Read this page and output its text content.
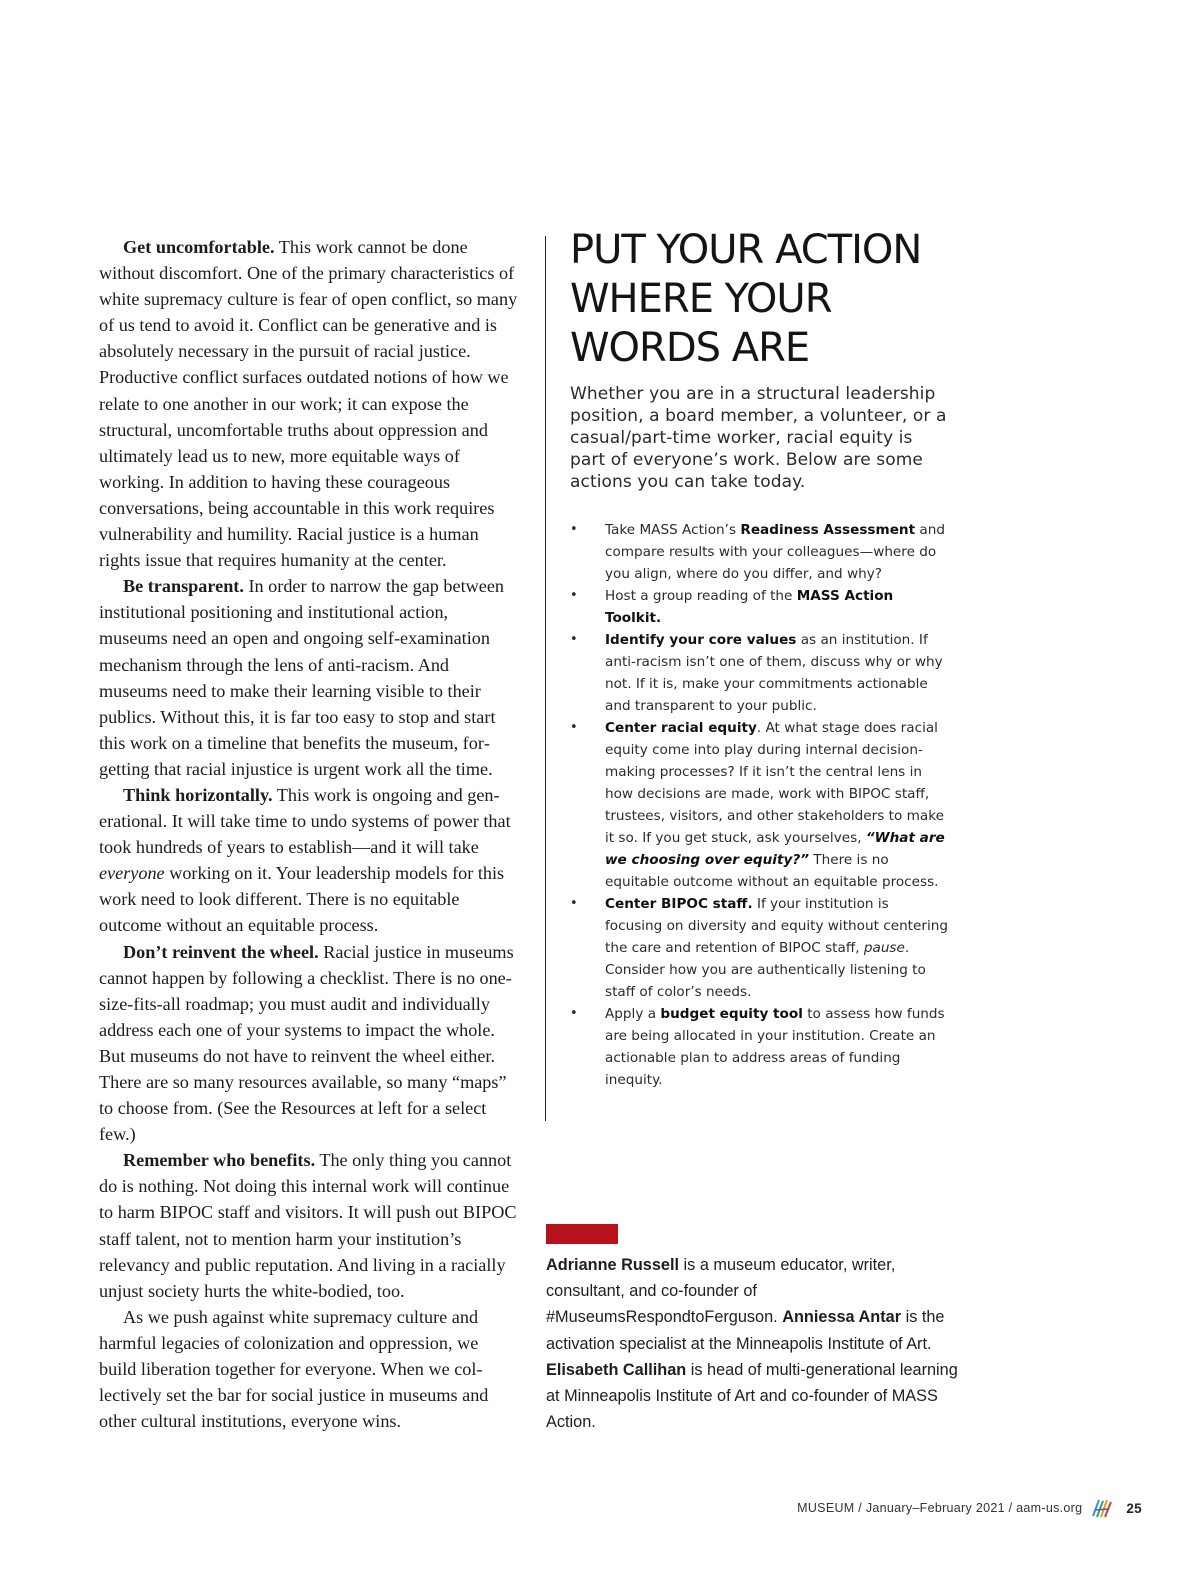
Get uncomfortable. This work cannot be done without discomfort. One of the primary characteristics of white supremacy culture is fear of open conflict, so many of us tend to avoid it. Conflict can be generative and is absolutely necessary in the pursuit of racial justice. Productive conflict surfaces outdated notions of how we relate to one another in our work; it can expose the structural, uncomfortable truths about oppression and ultimately lead us to new, more equitable ways of working. In addition to having these courageous conversations, being accountable in this work requires vulnerability and humility. Racial justice is a human rights issue that requires humanity at the center.

Be transparent. In order to narrow the gap between institutional positioning and institutional action, museums need an open and ongoing self-examination mechanism through the lens of anti-racism. And museums need to make their learning visible to their publics. Without this, it is far too easy to stop and start this work on a timeline that benefits the museum, forgetting that racial injustice is urgent work all the time.

Think horizontally. This work is ongoing and generational. It will take time to undo systems of power that took hundreds of years to establish—and it will take everyone working on it. Your leadership models for this work need to look different. There is no equitable outcome without an equitable process.

Don’t reinvent the wheel. Racial justice in museums cannot happen by following a checklist. There is no one-size-fits-all roadmap; you must audit and individually address each one of your systems to impact the whole. But museums do not have to reinvent the wheel either. There are so many resources available, so many “maps” to choose from. (See the Resources at left for a select few.)

Remember who benefits. The only thing you cannot do is nothing. Not doing this internal work will continue to harm BIPOC staff and visitors. It will push out BIPOC staff talent, not to mention harm your institution’s relevancy and public reputation. And living in a racially unjust society hurts the white-bodied, too.

As we push against white supremacy culture and harmful legacies of colonization and oppression, we build liberation together for everyone. When we collectively set the bar for social justice in museums and other cultural institutions, everyone wins.

PUT YOUR ACTION
WHERE YOUR
WORDS ARE

Whether you are in a structural leadership position, a board member, a volunteer, or a casual/part-time worker, racial equity is part of everyone’s work. Below are some actions you can take today.

• Take MASS Action’s Readiness Assessment and compare results with your colleagues—where do you align, where do you differ, and why?
• Host a group reading of the MASS Action Toolkit.
• Identify your core values as an institution. If anti-racism isn’t one of them, discuss why or why not. If it is, make your commitments actionable and transparent to your public.
• Center racial equity. At what stage does racial equity come into play during internal decision-making processes? If it isn’t the central lens in how decisions are made, work with BIPOC staff, trustees, visitors, and other stakeholders to make it so. If you get stuck, ask yourselves, “What are we choosing over equity?” There is no equitable outcome without an equitable process.
• Center BIPOC staff. If your institution is focusing on diversity and equity without centering the care and retention of BIPOC staff, pause. Consider how you are authentically listening to staff of color’s needs.
• Apply a budget equity tool to assess how funds are being allocated in your institution. Create an actionable plan to address areas of funding inequity.

Adrianne Russell is a museum educator, writer, consultant, and co-founder of #MuseumsRespondtoFerguson. Anniessa Antar is the activation specialist at the Minneapolis Institute of Art. Elisabeth Callihan is head of multi-generational learning at Minneapolis Institute of Art and co-founder of MASS Action.

MUSEUM / January–February 2021 / aam-us.org	25
